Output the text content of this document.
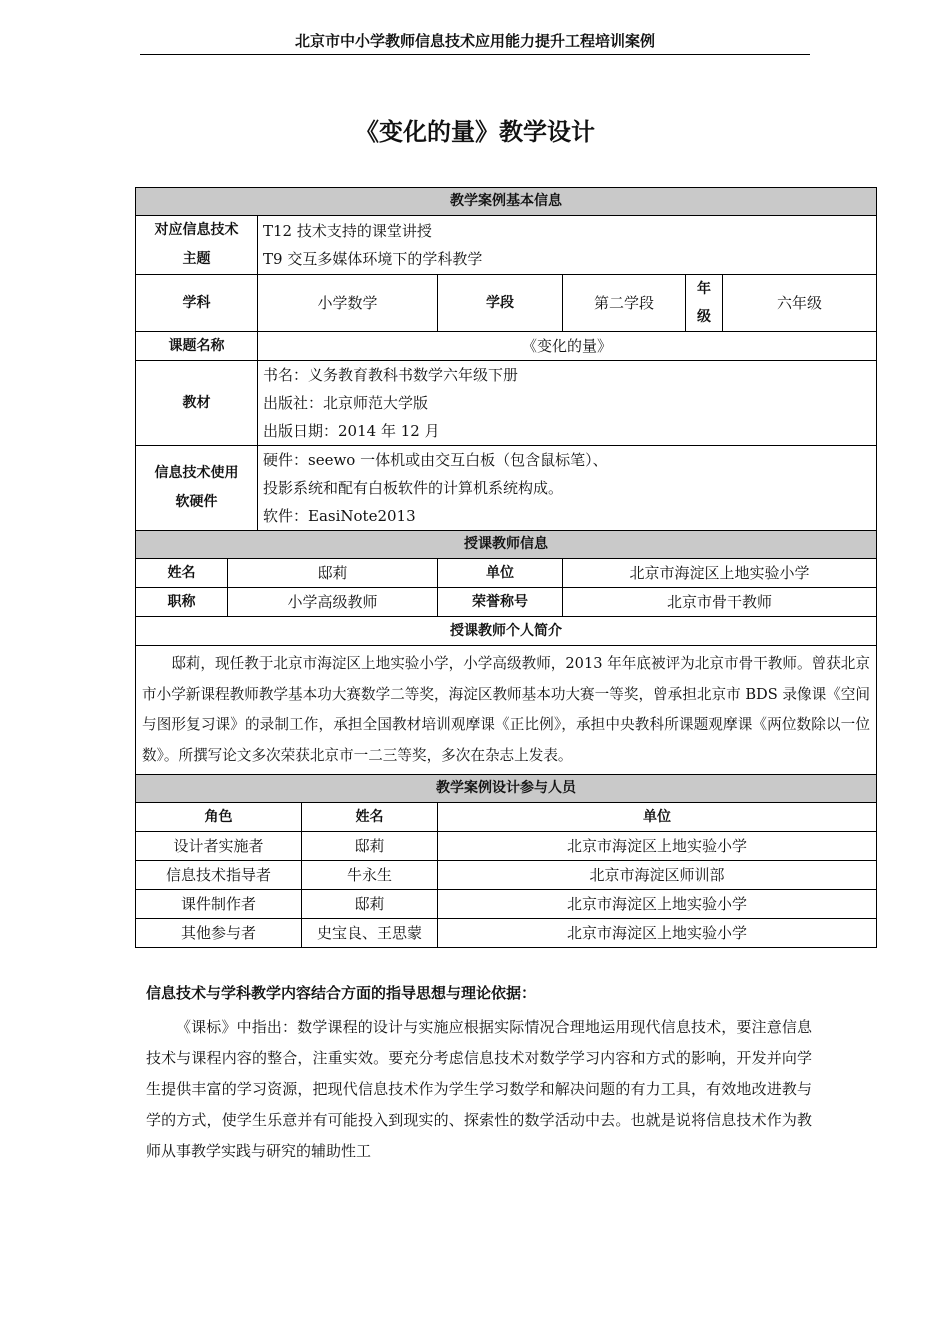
北京市中小学教师信息技术应用能力提升工程培训案例
《变化的量》教学设计
教学案例基本信息							

对应信息技术
主题		T12 技术支持的课堂讲授
T9 交互多媒体环境下的学科教学					

学科		小学数学		学段	第二学段	年级	六年级
课题名称		《变化的量》					
教材		书名：义务教育教科书数学六年级下册
出版社：北京师范大学版
出版日期：2014 年 12 月					

信息技术使用
软硬件		硬件：seewo 一体机或由交互白板（包含鼠标笔）、
投影系统和配有白板软件的计算机系统构成。
软件：EasiNote2013					

授课教师信息							
姓名	邸莉			单位	北京市海淀区上地实验小学		
职称	小学高级教师			荣誉称号	北京市骨干教师		
授课教师个人简介							
邸莉，现任教于北京市海淀区上地实验小学，小学高级教师，2013 年年底被评为北京市骨干教师。曾获北京市小学新课程教师教学基本功大赛数学二等奖，海淀区教师基本功大赛一等奖，曾承担北京市 BDS 录像课《空间与图形复习课》的录制工作，承担全国教材培训观摩课《正比例》，承担中央教科所课题观摩课《两位数除以一位数》。所撰写论文多次荣获北京市一二三等奖，多次在杂志上发表。							
教学案例设计参与人员							
角色			姓名	单位			
设计者实施者			邸莉	北京市海淀区上地实验小学			
信息技术指导者			牛永生	北京市海淀区师训部			
课件制作者			邸莉	北京市海淀区上地实验小学			
其他参与者			史宝良、王思蒙	北京市海淀区上地实验小学			
信息技术与学科教学内容结合方面的指导思想与理论依据：
《课标》中指出：数学课程的设计与实施应根据实际情况合理地运用现代信息技术，要注意信息技术与课程内容的整合，注重实效。要充分考虑信息技术对数学学习内容和方式的影响，开发并向学生提供丰富的学习资源，把现代信息技术作为学生学习数学和解决问题的有力工具，有效地改进教与学的方式，使学生乐意并有可能投入到现实的、探索性的数学活动中去。也就是说将信息技术作为教师从事教学实践与研究的辅助性工
